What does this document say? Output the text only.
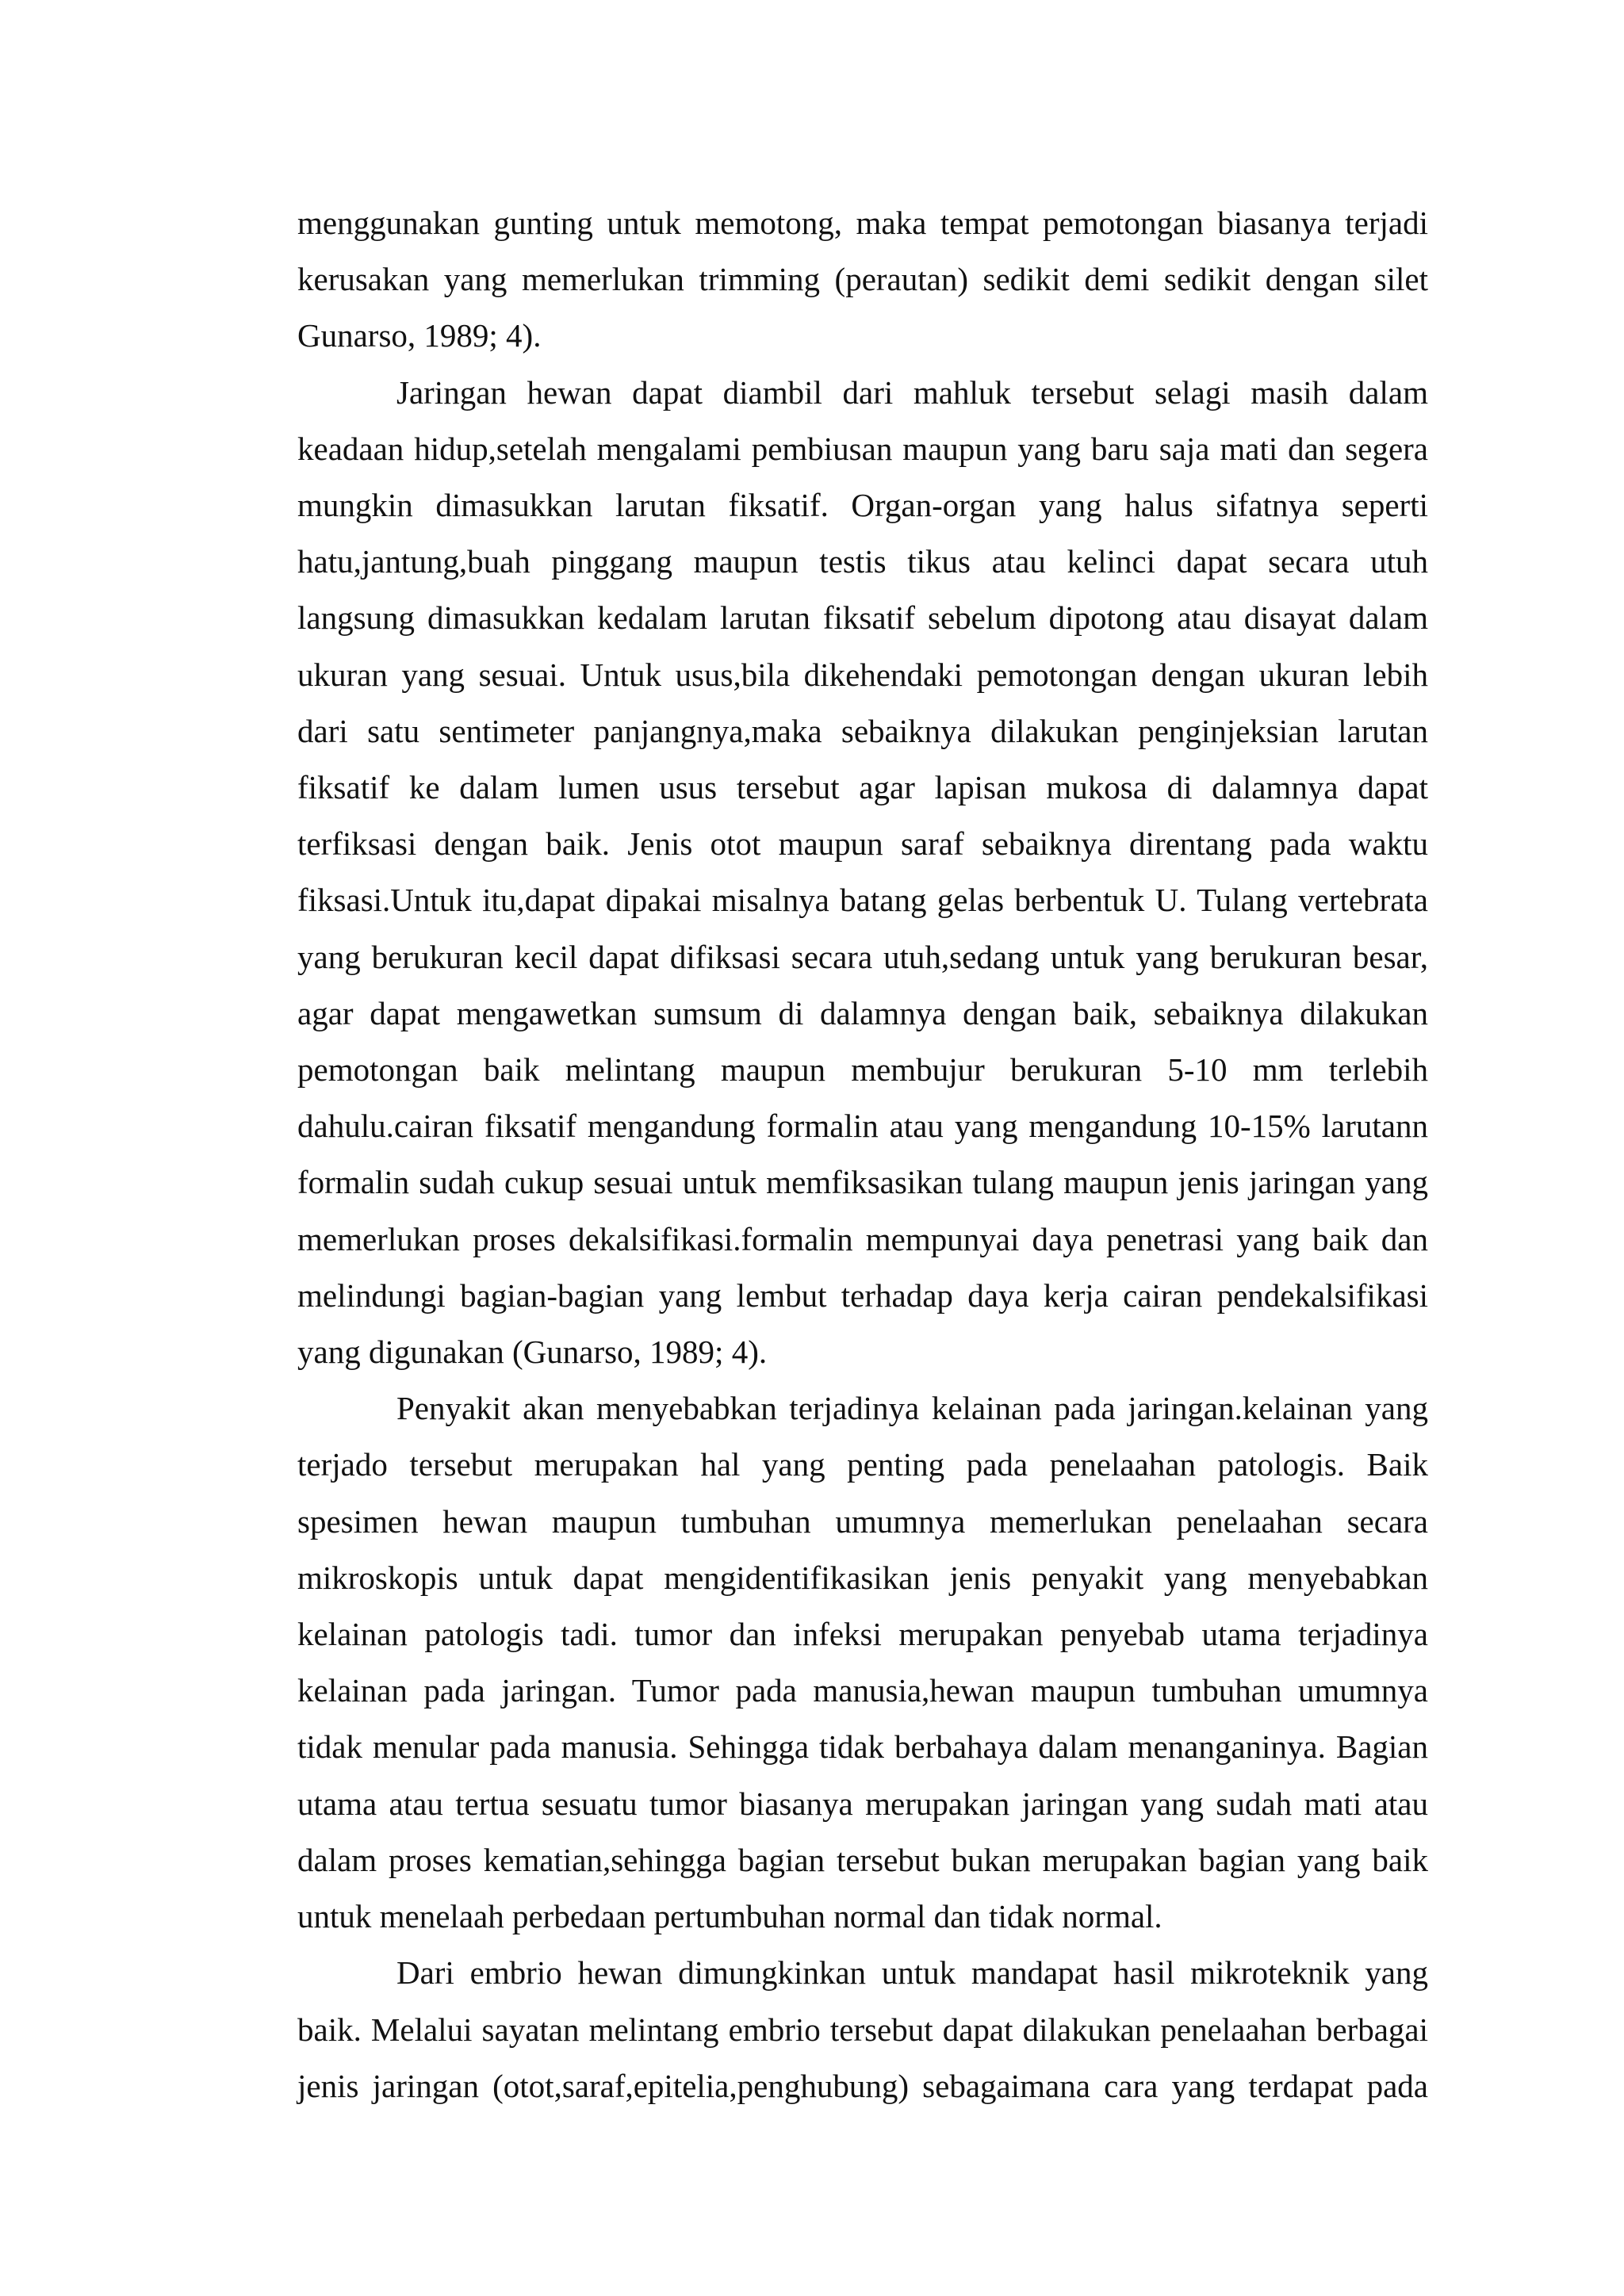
menggunakan gunting untuk memotong, maka tempat pemotongan biasanya terjadi kerusakan yang memerlukan trimming (perautan) sedikit demi sedikit dengan silet Gunarso, 1989; 4).

Jaringan hewan dapat diambil dari mahluk tersebut selagi masih dalam keadaan hidup,setelah mengalami pembiusan maupun yang baru saja mati dan segera mungkin dimasukkan larutan fiksatif. Organ-organ yang halus sifatnya seperti hatu,jantung,buah pinggang maupun testis tikus atau kelinci dapat secara utuh langsung dimasukkan kedalam larutan fiksatif sebelum dipotong atau disayat dalam ukuran yang sesuai. Untuk usus,bila dikehendaki pemotongan dengan ukuran lebih dari satu sentimeter panjangnya,maka sebaiknya dilakukan penginjeksian larutan fiksatif ke dalam lumen usus tersebut agar lapisan mukosa di dalamnya dapat terfiksasi dengan baik. Jenis otot maupun saraf sebaiknya direntang pada waktu fiksasi.Untuk itu,dapat dipakai misalnya batang gelas berbentuk U. Tulang vertebrata yang berukuran kecil dapat difiksasi secara utuh,sedang untuk yang berukuran besar, agar dapat mengawetkan sumsum di dalamnya dengan baik, sebaiknya dilakukan pemotongan baik melintang maupun membujur berukuran 5-10 mm terlebih dahulu.cairan fiksatif mengandung formalin atau yang mengandung 10-15% larutann formalin sudah cukup sesuai untuk memfiksasikan tulang maupun jenis jaringan yang memerlukan proses dekalsifikasi.formalin mempunyai daya penetrasi yang baik dan melindungi bagian-bagian yang lembut terhadap daya kerja cairan pendekalsifikasi yang digunakan (Gunarso, 1989; 4).

Penyakit akan menyebabkan terjadinya kelainan pada jaringan.kelainan yang terjado tersebut merupakan hal yang penting pada penelaahan patologis. Baik spesimen hewan maupun tumbuhan umumnya memerlukan penelaahan secara mikroskopis untuk dapat mengidentifikasikan jenis penyakit yang menyebabkan kelainan patologis tadi. tumor dan infeksi merupakan penyebab utama terjadinya kelainan pada jaringan. Tumor pada manusia,hewan maupun tumbuhan umumnya tidak menular pada manusia. Sehingga tidak berbahaya dalam menanganinya. Bagian utama atau tertua sesuatu tumor biasanya merupakan jaringan yang sudah mati atau dalam proses kematian,sehingga bagian tersebut bukan merupakan bagian yang baik untuk menelaah perbedaan pertumbuhan normal dan tidak normal.

Dari embrio hewan dimungkinkan untuk mandapat hasil mikroteknik yang baik. Melalui sayatan melintang embrio tersebut dapat dilakukan penelaahan berbagai jenis jaringan (otot,saraf,epitelia,penghubung) sebagaimana cara yang terdapat pada
